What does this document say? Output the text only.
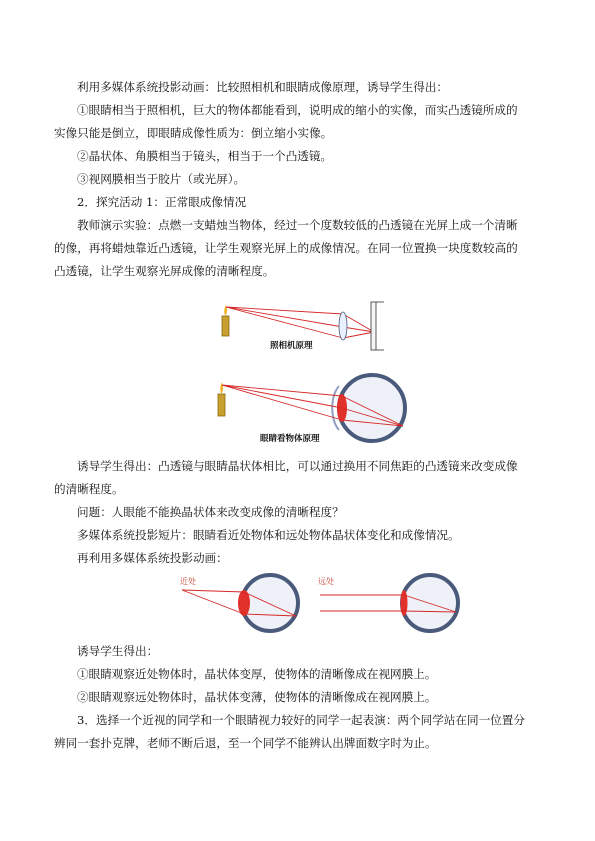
利用多媒体系统投影动画：比较照相机和眼睛成像原理，诱导学生得出：

①眼睛相当于照相机，巨大的物体都能看到，说明成的缩小的实像，而实凸透镜所成的

实像只能是倒立，即眼睛成像性质为：倒立缩小实像。

②晶状体、角膜相当于镜头，相当于一个凸透镜。

③视网膜相当于胶片（或光屏）。

2．探究活动 1：正常眼成像情况

教师演示实验：点燃一支蜡烛当物体，经过一个度数较低的凸透镜在光屏上成一个清晰

的像，再将蜡烛靠近凸透镜，让学生观察光屏上的成像情况。在同一位置换一块度数较高的

凸透镜，让学生观察光屏成像的清晰程度。

照相机原理
眼睛看物体原理

诱导学生得出：凸透镜与眼睛晶状体相比，可以通过换用不同焦距的凸透镜来改变成像

的清晰程度。

问题：人眼能不能换晶状体来改变成像的清晰程度？

多媒体系统投影短片：眼睛看近处物体和远处物体晶状体变化和成像情况。

再利用多媒体系统投影动画：

近处	远处

诱导学生得出：

①眼睛观察近处物体时，晶状体变厚，使物体的清晰像成在视网膜上。

②眼睛观察远处物体时，晶状体变薄，使物体的清晰像成在视网膜上。

3．选择一个近视的同学和一个眼睛视力较好的同学一起表演：两个同学站在同一位置分

辨同一套扑克牌，老师不断后退，至一个同学不能辨认出牌面数字时为止。
